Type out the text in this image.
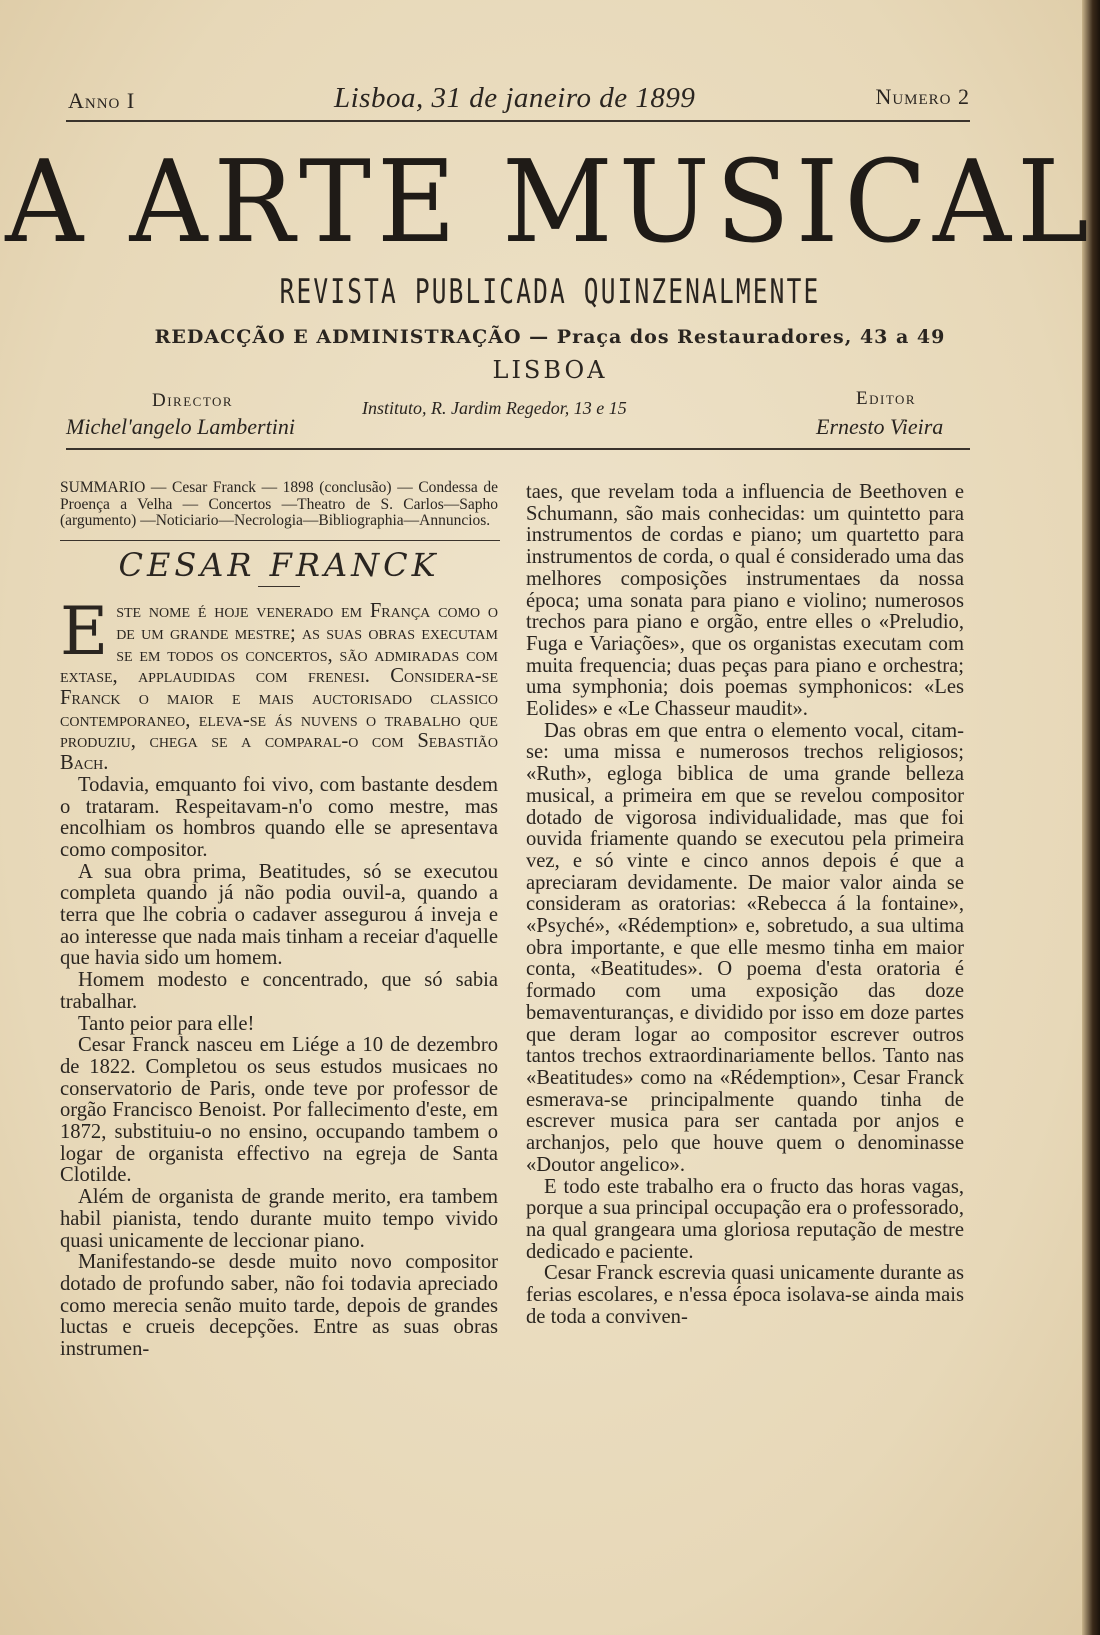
Anno I	Lisboa, 31 de janeiro de 1899	Numero 2
A ARTE MUSICAL
REVISTA PUBLICADA QUINZENALMENTE
REDACÇÃO E ADMINISTRAÇÃO — Praça dos Restauradores, 43 a 49
LISBOA
Director
Michel'angelo Lambertini
Instituto, R. Jardim Regedor, 13 e 15	Editor
Ernesto Vieira
SUMMARIO — Cesar Franck — 1898 (conclusão) — Condessa de Proença a Velha — Concertos —Theatro de S. Carlos—Sapho (argumento) —Noticiario—Necrologia—Bibliographia—Annuncios.
CESAR FRANCK

Este nome é hoje venerado em França como o de um grande mestre; as suas obras executam se em todos os concertos, são admiradas com extase, applaudidas com frenesi. Considera-se Franck o maior e mais auctorisado classico contemporaneo, eleva-se ás nuvens o trabalho que produziu, chega se a comparal-o com Sebastião Bach.

Todavia, emquanto foi vivo, com bastante desdem o trataram. Respeitavam-n'o como mestre, mas encolhiam os hombros quando elle se apresentava como compositor.

A sua obra prima, Beatitudes, só se executou completa quando já não podia ouvil-a, quando a terra que lhe cobria o cadaver assegurou á inveja e ao interesse que nada mais tinham a receiar d'aquelle que havia sido um homem.

Homem modesto e concentrado, que só sabia trabalhar.

Tanto peior para elle!

Cesar Franck nasceu em Liége a 10 de dezembro de 1822. Completou os seus estudos musicaes no conservatorio de Paris, onde teve por professor de orgão Francisco Benoist. Por fallecimento d'este, em 1872, substituiu-o no ensino, occupando tambem o logar de organista effectivo na egreja de Santa Clotilde.

Além de organista de grande merito, era tambem habil pianista, tendo durante muito tempo vivido quasi unicamente de leccionar piano.

Manifestando-se desde muito novo compositor dotado de profundo saber, não foi todavia apreciado como merecia senão muito tarde, depois de grandes luctas e crueis decepções. Entre as suas obras instrumen-

taes, que revelam toda a influencia de Beethoven e Schumann, são mais conhecidas: um quintetto para instrumentos de cordas e piano; um quartetto para instrumentos de corda, o qual é considerado uma das melhores composições instrumentaes da nossa época; uma sonata para piano e violino; numerosos trechos para piano e orgão, entre elles o «Preludio, Fuga e Variações», que os organistas executam com muita frequencia; duas peças para piano e orchestra; uma symphonia; dois poemas symphonicos: «Les Eolides» e «Le Chasseur maudit».

Das obras em que entra o elemento vocal, citam-se: uma missa e numerosos trechos religiosos; «Ruth», egloga biblica de uma grande belleza musical, a primeira em que se revelou compositor dotado de vigorosa individualidade, mas que foi ouvida friamente quando se executou pela primeira vez, e só vinte e cinco annos depois é que a apreciaram devidamente. De maior valor ainda se consideram as oratorias: «Rebecca á la fontaine», «Psyché», «Rédemption» e, sobretudo, a sua ultima obra importante, e que elle mesmo tinha em maior conta, «Beatitudes». O poema d'esta oratoria é formado com uma exposição das doze bemaventuranças, e dividido por isso em doze partes que deram logar ao compositor escrever outros tantos trechos extraordinariamente bellos. Tanto nas «Beatitudes» como na «Rédemption», Cesar Franck esmerava-se principalmente quando tinha de escrever musica para ser cantada por anjos e archanjos, pelo que houve quem o denominasse «Doutor angelico».

E todo este trabalho era o fructo das horas vagas, porque a sua principal occupação era o professorado, na qual grangeara uma gloriosa reputação de mestre dedicado e paciente.

Cesar Franck escrevia quasi unicamente durante as ferias escolares, e n'essa época isolava-se ainda mais de toda a conviven-
